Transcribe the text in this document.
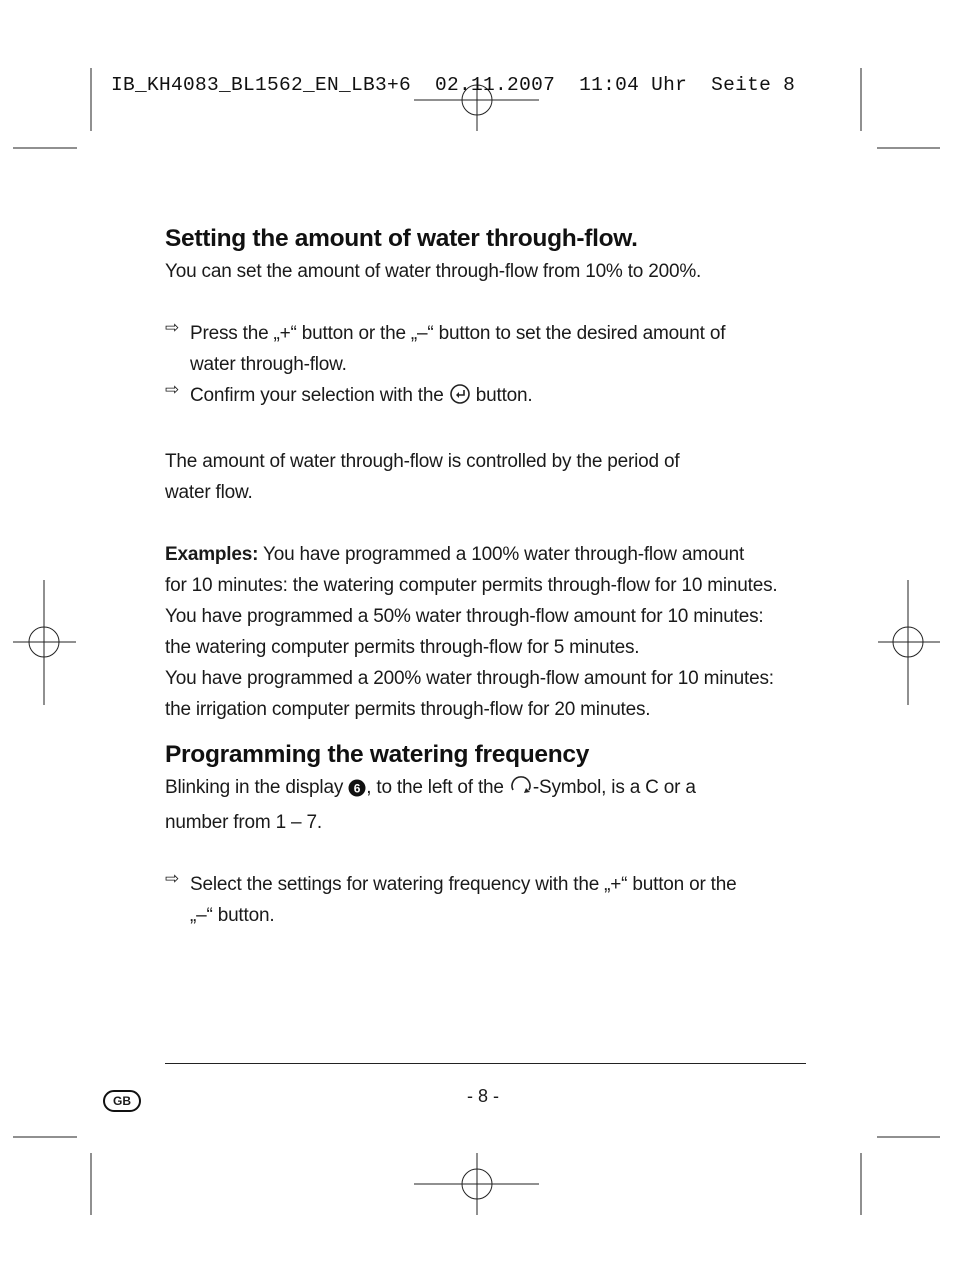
IB_KH4083_BL1562_EN_LB3+6  02.11.2007  11:04 Uhr  Seite 8
Setting the amount of water through-flow.

You can set the amount of water through-flow from 10% to 200%.

⇨ Press the „+“ button or the „–“ button to set the desired amount of

water through-flow.

⇨ Confirm your selection with the button.

The amount of water through-flow is controlled by the period of

water flow.

Examples: You have programmed a 100% water through-flow amount

for 10 minutes: the watering computer permits through-flow for 10 minutes.

You have programmed a 50% water through-flow amount for 10 minutes:

the watering computer permits through-flow for 5 minutes.

You have programmed a 200% water through-flow amount for 10 minutes:

the irrigation computer permits through-flow for 20 minutes.

Programming the watering frequency

Blinking in the display 6 , to the left of the -Symbol, is a C or a

number from 1 – 7.

⇨ Select the settings for watering frequency with the „+“ button or the

„–“ button.

GB	- 8 -
